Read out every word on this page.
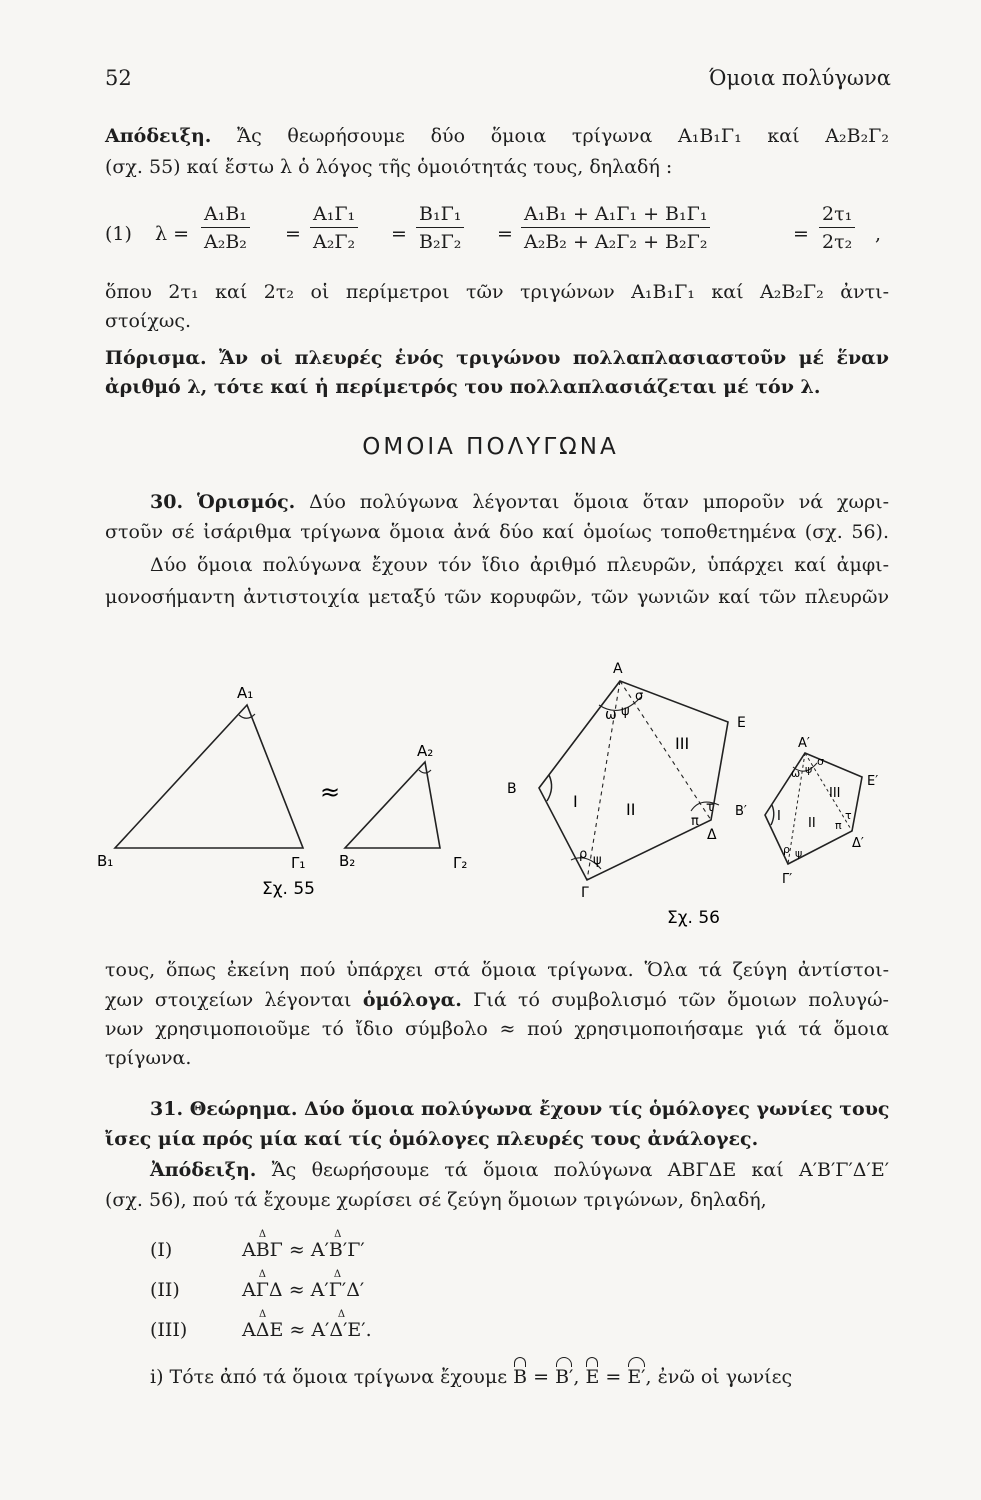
52	Όμοια πολύγωνα
Απόδειξη. Ἄς θεωρήσουμε δύο ὅμοια τρίγωνα Α₁Β₁Γ₁ καί Α₂Β₂Γ₂
(σχ. 55) καί ἔστω λ ὁ λόγος τῆς ὁμοιότητάς τους, δηλαδή :
(1) $\lambda = \frac{\text{Α₁Β₁}}{\text{Α₂Β₂}} = \frac{\text{Α₁Γ₁}}{\text{Α₂Γ₂}} = \frac{\text{Β₁Γ₁}}{\text{Β₂Γ₂}} = \frac{\text{Α₁Β₁ + Α₁Γ₁ + Β₁Γ₁}}{\text{Α₂Β₂ + Α₂Γ₂ + Β₂Γ₂}}$	= $\frac{\text{2τ₁}}{\text{2τ₂}}$ ,
ὅπου 2τ₁ καί 2τ₂ οἱ περίμετροι τῶν τριγώνων Α₁Β₁Γ₁ καί Α₂Β₂Γ₂ ἀντι-
στοίχως.
Πόρισμα. Ἄν οἱ πλευρές ἑνός τριγώνου πολλαπλασιαστοῦν μέ ἕναν
ἀριθμό λ, τότε καί ἡ περίμετρός του πολλαπλασιάζεται μέ τόν λ.
ΟΜΟΙΑ ΠΟΛΥΓΩΝΑ
30. Ὁρισμός. Δύο πολύγωνα λέγονται ὅμοια ὅταν μποροῦν νά χωρι-
στοῦν σέ ἰσάριθμα τρίγωνα ὅμοια ἀνά δύο καί ὁμοίως τοποθετημένα (σχ. 56).
Δύο ὅμοια πολύγωνα ἔχουν τόν ἴδιο ἀριθμό πλευρῶν, ὑπάρχει καί ἀμφι-
μονοσήμαντη ἀντιστοιχία μεταξύ τῶν κορυφῶν, τῶν γωνιῶν καί τῶν πλευρῶν
Α₁
Β₁	Γ₁
Α₂
Β₂	Γ₂
≈
Σχ. 55
Α
Β
Γ
Δ
Ε
Ι	ΙΙ
ΙΙΙ
ω ψ
σ
π
τ
ρ ψ
Α′
Β′
Γ′
Δ′
Ε′
Ι ΙΙ
ΙΙΙ
ω ψ
σ
π
τ
ρ ψ
Σχ. 56
τους, ὅπως ἐκείνη πού ὑπάρχει στά ὅμοια τρίγωνα. Ὅλα τά ζεύγη ἀντίστοι-
χων στοιχείων λέγονται ὁμόλογα. Γιά τό συμβολισμό τῶν ὅμοιων πολυγώ-
νων χρησιμοποιοῦμε τό ἴδιο σύμβολο ≈ πού χρησιμοποιήσαμε γιά τά ὅμοια
τρίγωνα.
31. Θεώρημα. Δύο ὅμοια πολύγωνα ἔχουν τίς ὁμόλογες γωνίες τους
ἴσες μία πρός μία καί τίς ὁμόλογες πλευρές τους ἀνάλογες.
Ἀπόδειξη. Ἄς θεωρήσουμε τά ὅμοια πολύγωνα ΑΒΓΔΕ καί Α′Β′Γ′Δ′Ε′
(σχ. 56), πού τά ἔχουμε χωρίσει σέ ζεύγη ὅμοιων τριγώνων, δηλαδή,
(I)
Δ
ΑΒΓ ≈
Δ
Α′Β′Γ′
(II)
Δ
ΑΓΔ ≈
Δ
Α′Γ′Δ′
(III)
Δ
ΑΔΕ ≈
Δ
Α′Δ′Ε′.
i) Τότε ἀπό τά ὅμοια τρίγωνα ἔχουμε Β = Β′, Ε = Ε′, ἐνῶ οἱ γωνίες
